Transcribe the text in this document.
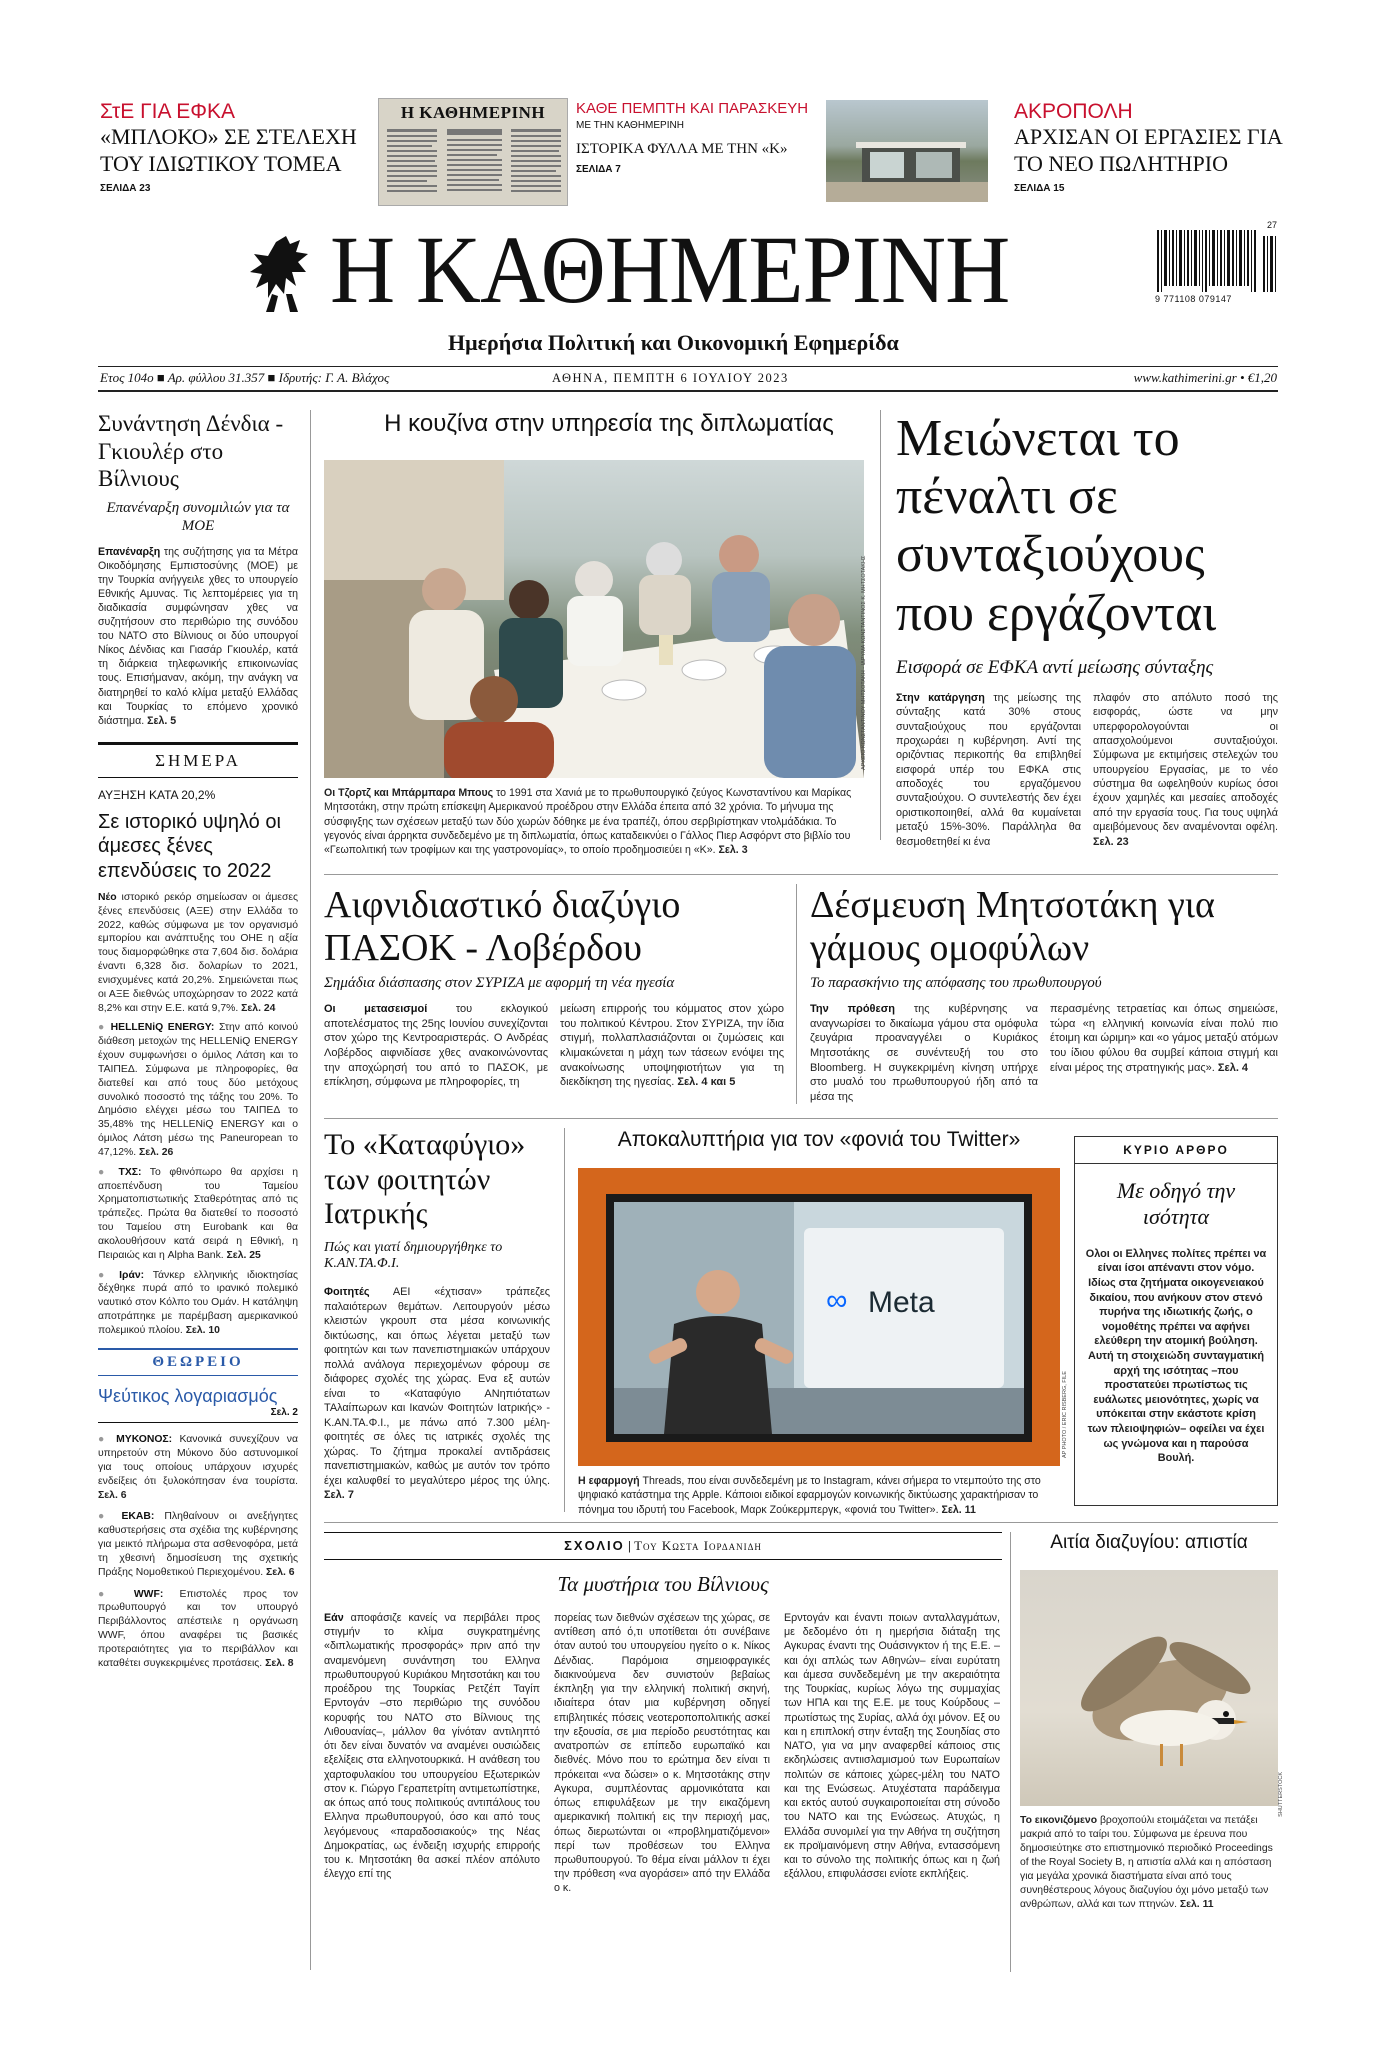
ΣτΕ ΓΙΑ ΕΦΚΑ
«ΜΠΛΟΚΟ» ΣΕ ΣΤΕΛΕΧΗ ΤΟΥ ΙΔΙΩΤΙΚΟΥ ΤΟΜΕΑ
ΣΕΛΙΔΑ 23
Η ΚΑΘΗΜΕΡΙΝΗ	ΚΑΘΕ ΠΕΜΠΤΗ ΚΑΙ ΠΑΡΑΣΚΕΥΗ
ΜΕ ΤΗΝ ΚΑΘΗΜΕΡΙΝΗ
ΙΣΤΟΡΙΚΑ ΦΥΛΛΑ ΜΕ ΤΗΝ «Κ»
ΣΕΛΙΔΑ 7
ΑΚΡΟΠΟΛΗ
ΑΡΧΙΣΑΝ ΟΙ ΕΡΓΑΣΙΕΣ ΓΙΑ ΤΟ ΝΕΟ ΠΩΛΗΤΗΡΙΟ
ΣΕΛΙΔΑ 15
Η ΚΑΘΗΜΕΡΙΝΗ
Ημερήσια Πολιτική και Οικονομική Εφημερίδα
27
9 771108 079147
Ετος 104ο ■ Αρ. φύλλου 31.357 ■ Ιδρυτής: Γ. Α. Βλάχος	ΑΘΗΝΑ, ΠΕΜΠΤΗ 6 ΙΟΥΛΙΟΥ 2023	www.kathimerini.gr • €1,20
Συνάντηση Δένδια - Γκιουλέρ στο Βίλνιους
Επανέναρξη συνομιλιών για τα ΜΟΕ

Επανέναρξη της συζήτησης για τα Μέτρα Οικοδόμησης Εμπιστοσύνης (ΜΟΕ) με την Τουρκία ανήγγειλε χθες το υπουργείο Εθνικής Αμυνας. Τις λεπτομέρειες για τη διαδικασία συμφώνησαν χθες να συζητήσουν στο περιθώριο της συνόδου του ΝΑΤΟ στο Βίλνιους οι δύο υπουργοί Νίκος Δένδιας και Γιασάρ Γκιουλέρ, κατά τη διάρκεια τηλεφωνικής επικοινωνίας τους. Επισήμαναν, ακόμη, την ανάγκη να διατηρηθεί το καλό κλίμα μεταξύ Ελλάδας και Τουρκίας το επόμενο χρονικό διάστημα. Σελ. 5

ΣΗΜΕΡΑ
ΑΥΞΗΣΗ ΚΑΤΑ 20,2%
Σε ιστορικό υψηλό οι άμεσες ξένες επενδύσεις το 2022

Νέο ιστορικό ρεκόρ σημείωσαν οι άμεσες ξένες επενδύσεις (ΑΞΕ) στην Ελλάδα το 2022, καθώς σύμφωνα με τον οργανισμό εμπορίου και ανάπτυξης του ΟΗΕ η αξία τους διαμορφώθηκε στα 7,604 δισ. δολάρια έναντι 6,328 δισ. δολαρίων το 2021, ενισχυμένες κατά 20,2%. Σημειώνεται πως οι ΑΞΕ διεθνώς υποχώρησαν το 2022 κατά 8,2% και στην Ε.Ε. κατά 9,7%. Σελ. 24

● HELLENiQ ENERGY: Στην από κοινού διάθεση μετοχών της HELLENiQ ENERGY έχουν συμφωνήσει ο όμιλος Λάτση και το ΤΑΙΠΕΔ. Σύμφωνα με πληροφορίες, θα διατεθεί και από τους δύο μετόχους συνολικό ποσοστό της τάξης του 20%. Το Δημόσιο ελέγχει μέσω του ΤΑΙΠΕΔ το 35,48% της HELLENiQ ENERGY και ο όμιλος Λάτση μέσω της Paneuropean το 47,12%. Σελ. 26

● ΤΧΣ: Το φθινόπωρο θα αρχίσει η αποεπένδυση του Ταμείου Χρηματοπιστωτικής Σταθερότητας από τις τράπεζες. Πρώτα θα διατεθεί το ποσοστό του Ταμείου στη Eurobank και θα ακολουθήσουν κατά σειρά η Εθνική, η Πειραιώς και η Alpha Bank. Σελ. 25

● Ιράν: Τάνκερ ελληνικής ιδιοκτησίας δέχθηκε πυρά από το ιρανικό πολεμικό ναυτικό στον Κόλπο του Ομάν. Η κατάληψη αποτράπηκε με παρέμβαση αμερικανικού πολεμικού πλοίου. Σελ. 10

ΘΕΩΡΕΙΟ
Ψεύτικος λογαριασμός
Σελ. 2

● ΜΥΚΟΝΟΣ: Κανονικά συνεχίζουν να υπηρετούν στη Μύκονο δύο αστυνομικοί για τους οποίους υπάρχουν ισχυρές ενδείξεις ότι ξυλοκόπησαν ένα τουρίστα. Σελ. 6

● ΕΚΑΒ: Πληθαίνουν οι ανεξήγητες καθυστερήσεις στα σχέδια της κυβέρνησης για μεικτό πλήρωμα στα ασθενοφόρα, μετά τη χθεσινή δημοσίευση της σχετικής Πράξης Νομοθετικού Περιεχομένου. Σελ. 6

● WWF: Επιστολές προς τον πρωθυπουργό και τον υπουργό Περιβάλλοντος απέστειλε η οργάνωση WWF, όπου αναφέρει τις βασικές προτεραιότητες για το περιβάλλον και καταθέτει συγκεκριμένες προτάσεις. Σελ. 8

Η κουζίνα στην υπηρεσία της διπλωματίας
ΑΡΧΕΙΟ ΚΩΝΣΤΑΝΤΙΝΟΥ ΜΗΤΣΟΤΑΚΗ - ΙΔΡΥΜΑ ΚΩΝΣΤΑΝΤΙΝΟΣ Κ. ΜΗΤΣΟΤΑΚΗΣ

Οι Τζορτζ και Μπάρμπαρα Μπους το 1991 στα Χανιά με το πρωθυπουργικό ζεύγος Κωνσταντίνου και Μαρίκας Μητσοτάκη, στην πρώτη επίσκεψη Αμερικανού προέδρου στην Ελλάδα έπειτα από 32 χρόνια. Το μήνυμα της σύσφιγξης των σχέσεων μεταξύ των δύο χωρών δόθηκε με ένα τραπέζι, όπου σερβιρίστηκαν ντολμάδάκια. Το γεγονός είναι άρρηκτα συνδεδεμένο με τη διπλωματία, όπως καταδεικνύει ο Γάλλος Πιερ Ασφόρντ στο βιβλίο του «Γεωπολιτική των τροφίμων και της γαστρονομίας», το οποίο προδημοσιεύει η «Κ». Σελ. 3

Μειώνεται το πέναλτι σε συνταξιούχους που εργάζονται
Εισφορά σε ΕΦΚΑ αντί μείωσης σύνταξης

Στην κατάργηση της μείωσης της σύνταξης κατά 30% στους συνταξιούχους που εργάζονται προχωράει η κυβέρνηση. Αντί της οριζόντιας περικοπής θα επιβληθεί εισφορά υπέρ του ΕΦΚΑ στις αποδοχές του εργαζόμενου συνταξιούχου. Ο συντελεστής δεν έχει οριστικοποιηθεί, αλλά θα κυμαίνεται μεταξύ 15%-30%. Παράλληλα θα θεσμοθετηθεί κι ένα

πλαφόν στο απόλυτο ποσό της εισφοράς, ώστε να μην υπερφορολογούνται οι απασχολούμενοι συνταξιούχοι. Σύμφωνα με εκτιμήσεις στελεχών του υπουργείου Εργασίας, με το νέο σύστημα θα ωφεληθούν κυρίως όσοι έχουν χαμηλές και μεσαίες αποδοχές από την εργασία τους. Για τους υψηλά αμειβόμενους δεν αναμένονται οφέλη. Σελ. 23

Αιφνιδιαστικό διαζύγιο ΠΑΣΟΚ - Λοβέρδου
Σημάδια διάσπασης στον ΣΥΡΙΖΑ με αφορμή τη νέα ηγεσία

Οι μετασεισμοί του εκλογικού αποτελέσματος της 25ης Ιουνίου συνεχίζονται στον χώρο της Κεντροαριστεράς. Ο Ανδρέας Λοβέρδος αιφνιδίασε χθες ανακοινώνοντας την αποχώρησή του από το ΠΑΣΟΚ, με επίκληση, σύμφωνα με πληροφορίες, τη

μείωση επιρροής του κόμματος στον χώρο του πολιτικού Κέντρου. Στον ΣΥΡΙΖΑ, την ίδια στιγμή, πολλαπλασιάζονται οι ζυμώσεις και κλιμακώνεται η μάχη των τάσεων ενόψει της ανακοίνωσης υποψηφιοτήτων για τη διεκδίκηση της ηγεσίας. Σελ. 4 και 5

Δέσμευση Μητσοτάκη για γάμους ομοφύλων
Το παρασκήνιο της απόφασης του πρωθυπουργού

Την πρόθεση της κυβέρνησης να αναγνωρίσει το δικαίωμα γάμου στα ομόφυλα ζευγάρια προαναγγέλει ο Κυριάκος Μητσοτάκης σε συνέντευξή του στο Bloomberg. Η συγκεκριμένη κίνηση υπήρχε στο μυαλό του πρωθυπουργού ήδη από τα μέσα της

περασμένης τετραετίας και όπως σημειώσε, τώρα «η ελληνική κοινωνία είναι πολύ πιο έτοιμη και ώριμη» και «ο γάμος μεταξύ ατόμων του ίδιου φύλου θα συμβεί κάποια στιγμή και είναι μέρος της στρατηγικής μας». Σελ. 4

Το «Καταφύγιο» των φοιτητών Ιατρικής
Πώς και γιατί δημιουργήθηκε το Κ.ΑΝ.ΤΑ.Φ.Ι.

Φοιτητές ΑΕΙ «έχτισαν» τράπεζες παλαιότερων θεμάτων. Λειτουργούν μέσω κλειστών γκρουπ στα μέσα κοινωνικής δικτύωσης, και όπως λέγεται μεταξύ των φοιτητών και των πανεπιστημιακών υπάρχουν πολλά ανάλογα περιεχομένων φόρουμ σε διάφορες σχολές της χώρας. Ενα εξ αυτών είναι το «Καταφύγιο ΑΝηπιότατων ΤΑλαίπωρων και Ικανών Φοιτητών Ιατρικής» - Κ.ΑΝ.ΤΑ.Φ.Ι., με πάνω από 7.300 μέλη-φοιτητές σε όλες τις ιατρικές σχολές της χώρας. Το ζήτημα προκαλεί αντιδράσεις πανεπιστημιακών, καθώς με αυτόν τον τρόπο έχει καλυφθεί το μεγαλύτερο μέρος της ύλης. Σελ. 7

Αποκαλυπτήρια για τον «φονιά του Twitter»
Meta
∞
AP PHOTO / ERIC RISBERG, FILE

Η εφαρμογή Threads, που είναι συνδεδεμένη με το Instagram, κάνει σήμερα το ντεμπούτο της στο ψηφιακό κατάστημα της Apple. Κάποιοι ειδικοί εφαρμογών κοινωνικής δικτύωσης χαρακτήρισαν το πόνημα του ιδρυτή του Facebook, Μαρκ Ζούκερμπεργκ, «φονιά του Twitter». Σελ. 11

ΚΥΡΙΟ ΑΡΘΡΟ
Με οδηγό την ισότητα

Ολοι οι Ελληνες πολίτες πρέπει να είναι ίσοι απέναντι στον νόμο. Ιδίως στα ζητήματα οικογενειακού δικαίου, που ανήκουν στον στενό πυρήνα της ιδιωτικής ζωής, ο νομοθέτης πρέπει να αφήνει ελεύθερη την ατομική βούληση. Αυτή τη στοιχειώδη συνταγματική αρχή της ισότητας –που προστατεύει πρωτίστως τις ευάλωτες μειονότητες, χωρίς να υπόκειται στην εκάστοτε κρίση των πλειοψηφιών– οφείλει να έχει ως γνώμονα και η παρούσα Βουλή.

ΣΧΟΛΙΟ | Του Κωστα Ιορδανιδη
Τα μυστήρια του Βίλνιους

Εάν αποφάσιζε κανείς να περιβάλει προς στιγμήν το κλίμα συγκρατημένης «διπλωματικής προσφοράς» πριν από την αναμενόμενη συνάντηση του Ελληνα πρωθυπουργού Κυριάκου Μητσοτάκη και του προέδρου της Τουρκίας Ρετζέπ Ταγίπ Ερντογάν –στο περιθώριο της συνόδου κορυφής του ΝΑΤΟ στο Βίλνιους της Λιθουανίας–, μάλλον θα γίνόταν αντιληπτό ότι δεν είναι δυνατόν να αναμένει ουσιώδεις εξελίξεις στα ελληνοτουρκικά. Η ανάθεση του χαρτοφυλακίου του υπουργείου Εξωτερικών στον κ. Γιώργο Γεραπετρίτη αντιμετωπίστηκε, ακ όπως από τους πολιτικούς αντιπάλους του Ελληνα πρωθυπουργού, όσο και από τους λεγόμενους «παραδοσιακούς» της Νέας Δημοκρατίας, ως ένδειξη ισχυρής επιρροής του κ. Μητσοτάκη θα ασκεί πλέον απόλυτο έλεγχο επί της

πορείας των διεθνών σχέσεων της χώρας, σε αντίθεση από ό,τι υποτίθεται ότι συνέβαινε όταν αυτού του υπουργείου ηγείτο ο κ. Νίκος Δένδιας. Παρόμοια σημειοφραγικές διακινούμενα δεν συνιστούν βεβαίως έκπληξη για την ελληνική πολιτική σκηνή, ιδιαίτερα όταν μια κυβέρνηση οδηγεί επιβλητικές πόσεις νεοτεροποπολιτικής ασκεί την εξουσία, σε μια περίοδο ρευστότητας και ανατροπών σε επίπεδο ευρωπαϊκό και διεθνές. Μόνο που το ερώτημα δεν είναι τι πρόκειται «να δώσει» ο κ. Μητσοτάκης στην Αγκυρα, συμπλέοντας αρμονικότατα και όπως επιφυλάξεων με την εικαζόμενη αμερικανική πολιτική εις την περιοχή μας, όπως διερωτώνται οι «προβληματιζόμενοι» περί των προθέσεων του Ελληνα πρωθυπουργού. Το θέμα είναι μάλλον τι έχει την πρόθεση «να αγοράσει» από την Ελλάδα ο κ.

Ερντογάν και έναντι ποιων ανταλλαγμάτων, με δεδομένο ότι η ημερήσια διάταξη της Αγκυρας έναντι της Ουάσινγκτον ή της Ε.Ε. –και όχι απλώς των Αθηνών– είναι ευρύτατη και άμεσα συνδεδεμένη με την ακεραιότητα της Τουρκίας, κυρίως λόγω της συμμαχίας των ΗΠΑ και της Ε.Ε. με τους Κούρδους – πρωτίστως της Συρίας, αλλά όχι μόνον. Εξ ου και η επιπλοκή στην ένταξη της Σουηδίας στο ΝΑΤΟ, για να μην αναφερθεί κάποιος στις εκδηλώσεις αντιισλαμισμού των Ευρωπαίων πολιτών σε κάποιες χώρες-μέλη του ΝΑΤΟ και της Ενώσεως. Ατυχέστατα παράδειγμα και εκτός αυτού συγκαιροποιείται στη σύνοδο του ΝΑΤΟ και της Ενώσεως. Ατυχώς, η Ελλάδα συνομιλεί για την Αθήνα τη συζήτηση εκ προϊμαινόμενη στην Αθήνα, εντασσόμενη και το σύνολο της πολιτικής όπως και η ζωή εξάλλου, επιφυλάσσει ενίοτε εκπλήξεις.

Αιτία διαζυγίου: απιστία
SHUTTERSTOCK

Το εικονιζόμενο βροχοπούλι ετοιμάζεται να πετάξει μακριά από το ταίρι του. Σύμφωνα με έρευνα που δημοσιεύτηκε στο επιστημονικό περιοδικό Proceedings of the Royal Society B, η απιστία αλλά και η απόσταση για μεγάλα χρονικά διαστήματα είναι από τους συνηθέστερους λόγους διαζυγίου όχι μόνο μεταξύ των ανθρώπων, αλλά και των πτηνών. Σελ. 11
